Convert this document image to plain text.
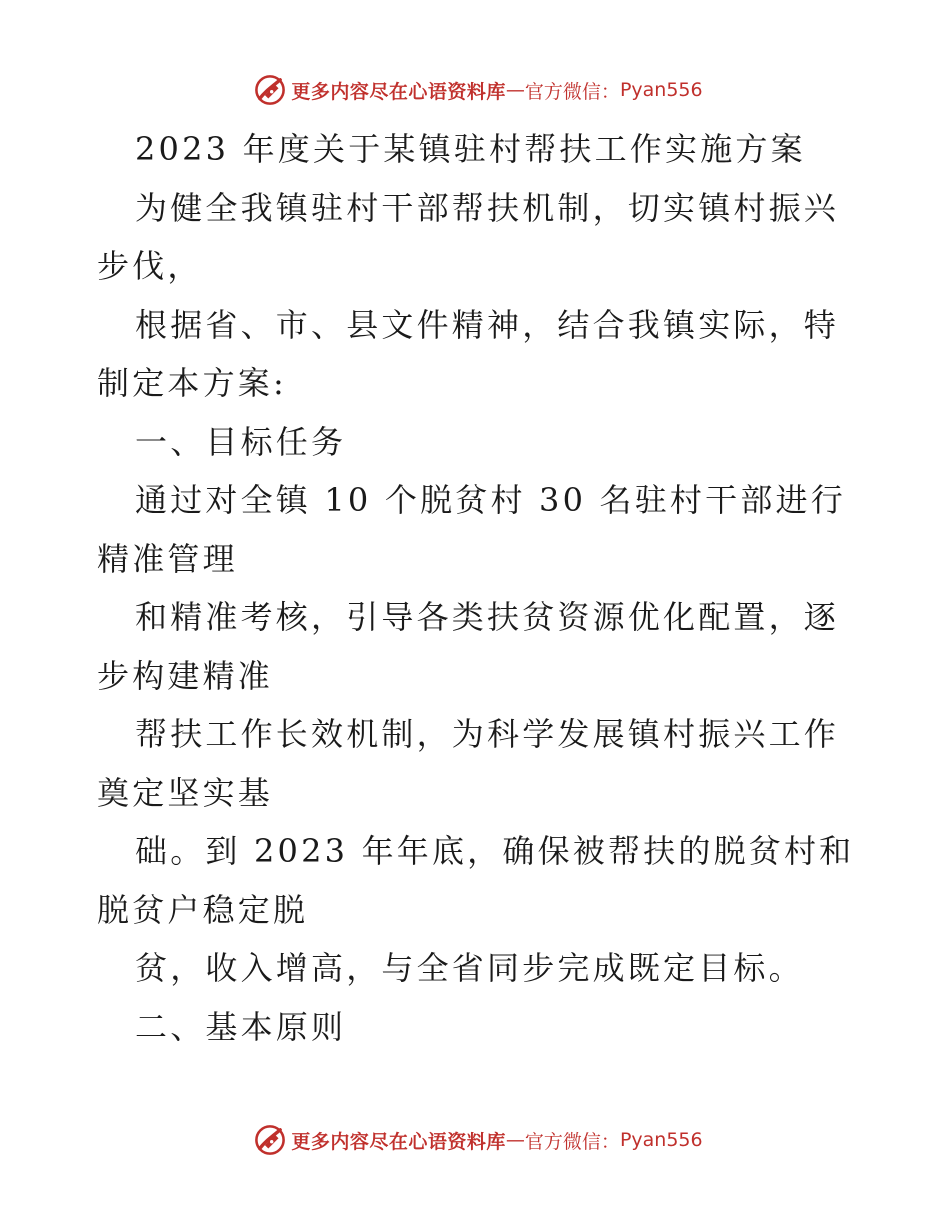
更多内容尽在心语资料库 — 官方微信： Pyan556

2023 年度关于某镇驻村帮扶工作实施方案

为健全我镇驻村干部帮扶机制，切实镇村振兴步伐，

根据省、市、县文件精神，结合我镇实际，特制定本方案:

一、目标任务

通过对全镇 10 个脱贫村 30 名驻村干部进行精准管理

和精准考核，引导各类扶贫资源优化配置，逐步构建精准

帮扶工作长效机制，为科学发展镇村振兴工作奠定坚实基

础。到 2023 年年底，确保被帮扶的脱贫村和脱贫户稳定脱

贫，收入增高，与全省同步完成既定目标。

二、基本原则

更多内容尽在心语资料库 — 官方微信： Pyan556
